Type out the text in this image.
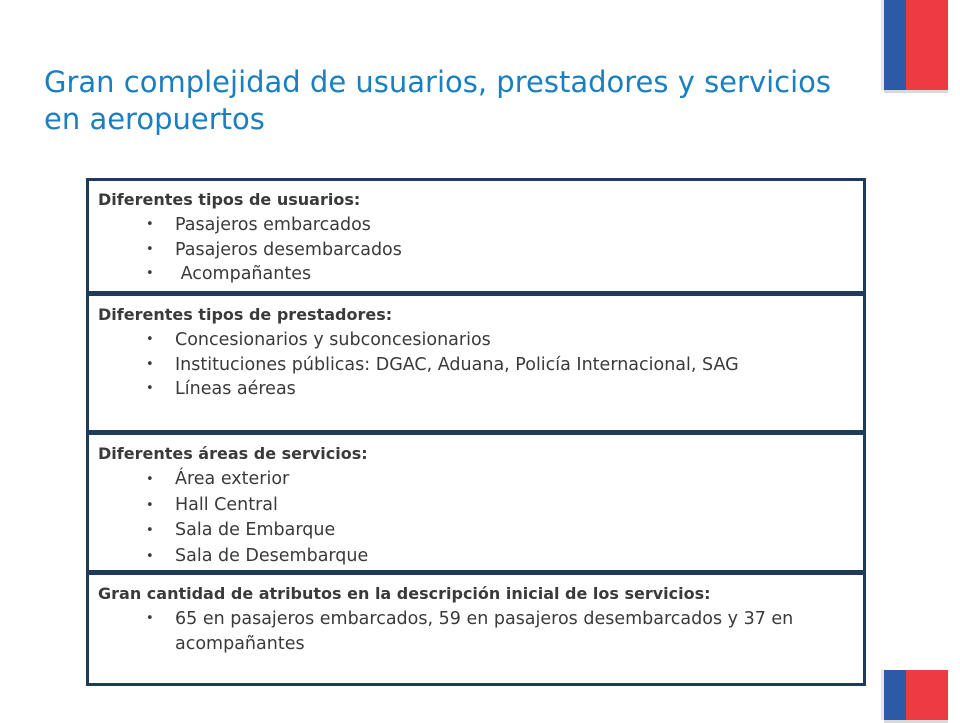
Gran complejidad de usuarios, prestadores y servicios en aeropuertos
Diferentes tipos de usuarios:
• Pasajeros embarcados
• Pasajeros desembarcados
•  Acompañantes
Diferentes tipos de prestadores:
• Concesionarios y subconcesionarios
• Instituciones públicas: DGAC, Aduana, Policía Internacional, SAG
• Líneas aéreas
Diferentes áreas de servicios:
• Área exterior
• Hall Central
• Sala de Embarque
• Sala de Desembarque
Gran cantidad de atributos en la descripción inicial de los servicios:
• 65 en pasajeros embarcados, 59 en pasajeros desembarcados y 37 en acompañantes
